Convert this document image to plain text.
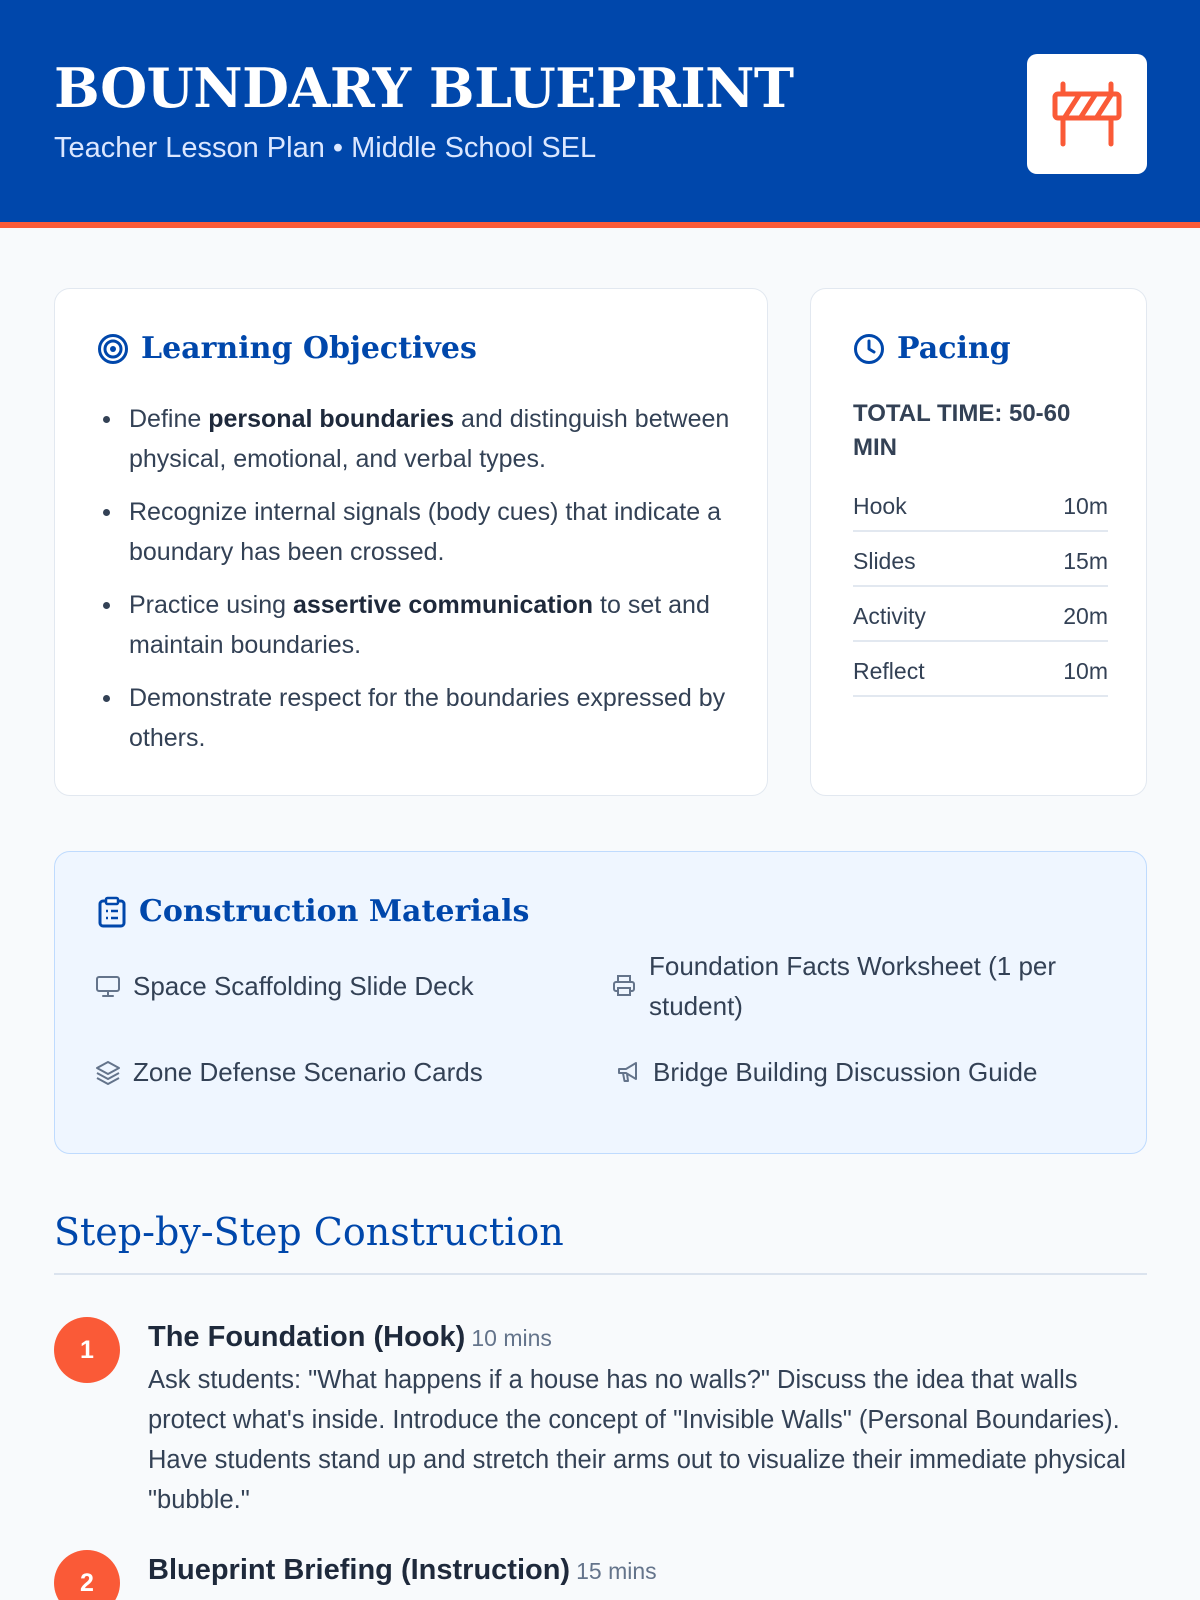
BOUNDARY BLUEPRINT
Teacher Lesson Plan • Middle School SEL
Learning Objectives
Define personal boundaries and distinguish between physical, emotional, and verbal types.
Recognize internal signals (body cues) that indicate a boundary has been crossed.
Practice using assertive communication to set and maintain boundaries.
Demonstrate respect for the boundaries expressed by others.
Pacing
TOTAL TIME: 50-60 MIN
Hook	10m
Slides	15m
Activity	20m
Reflect	10m
Construction Materials
Space Scaffolding Slide Deck
Foundation Facts Worksheet (1 per student)
Zone Defense Scenario Cards	Bridge Building Discussion Guide
Step-by-Step Construction
1	The Foundation (Hook) 10 mins
Ask students: "What happens if a house has no walls?" Discuss the idea that walls protect what's inside. Introduce the concept of "Invisible Walls" (Personal Boundaries). Have students stand up and stretch their arms out to visualize their immediate physical "bubble."
2	Blueprint Briefing (Instruction) 15 mins
